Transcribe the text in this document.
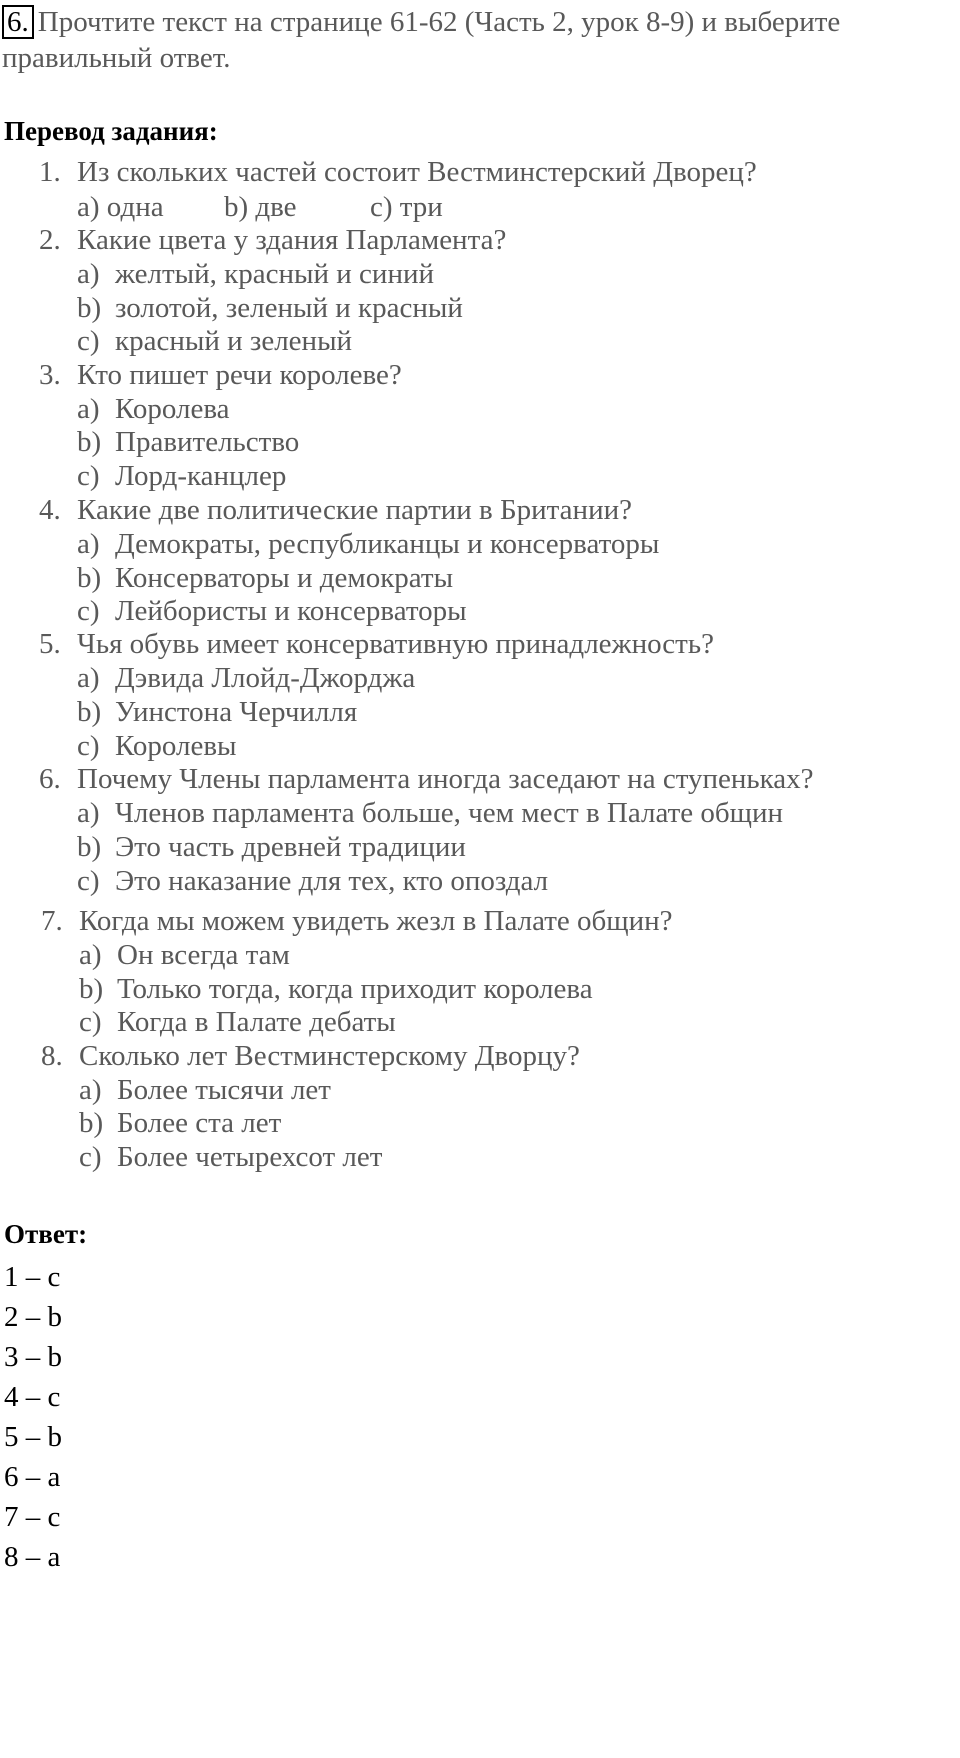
6. Прочтите текст на странице 61-62 (Часть 2, урок 8-9) и выберите
правильный ответ.
Перевод задания:
1. Из скольких частей состоит Вестминстерский Дворец?
a) одна b) две	c) три
2. Какие цвета у здания Парламента?
a) желтый, красный и синий
b) золотой, зеленый и красный
c) красный и зеленый
3. Кто пишет речи королеве?
a) Королева
b) Правительство
c) Лорд-канцлер
4. Какие две политические партии в Британии?
a) Демократы, республиканцы и консерваторы
b) Консерваторы и демократы
c) Лейбористы и консерваторы
5. Чья обувь имеет консервативную принадлежность?
a) Дэвида Ллойд-Джорджа
b) Уинстона Черчилля
c) Королевы
6. Почему Члены парламента иногда заседают на ступеньках?
a) Членов парламента больше, чем мест в Палате общин
b) Это часть древней традиции
c) Это наказание для тех, кто опоздал
7. Когда мы можем увидеть жезл в Палате общин?
a) Он всегда там
b) Только тогда, когда приходит королева
c) Когда в Палате дебаты
8. Сколько лет Вестминстерскому Дворцу?
a) Более тысячи лет
b) Более ста лет
c) Более четырехсот лет
Ответ:
1 – c
2 – b
3 – b
4 – c
5 – b
6 – a
7 – c
8 – a
